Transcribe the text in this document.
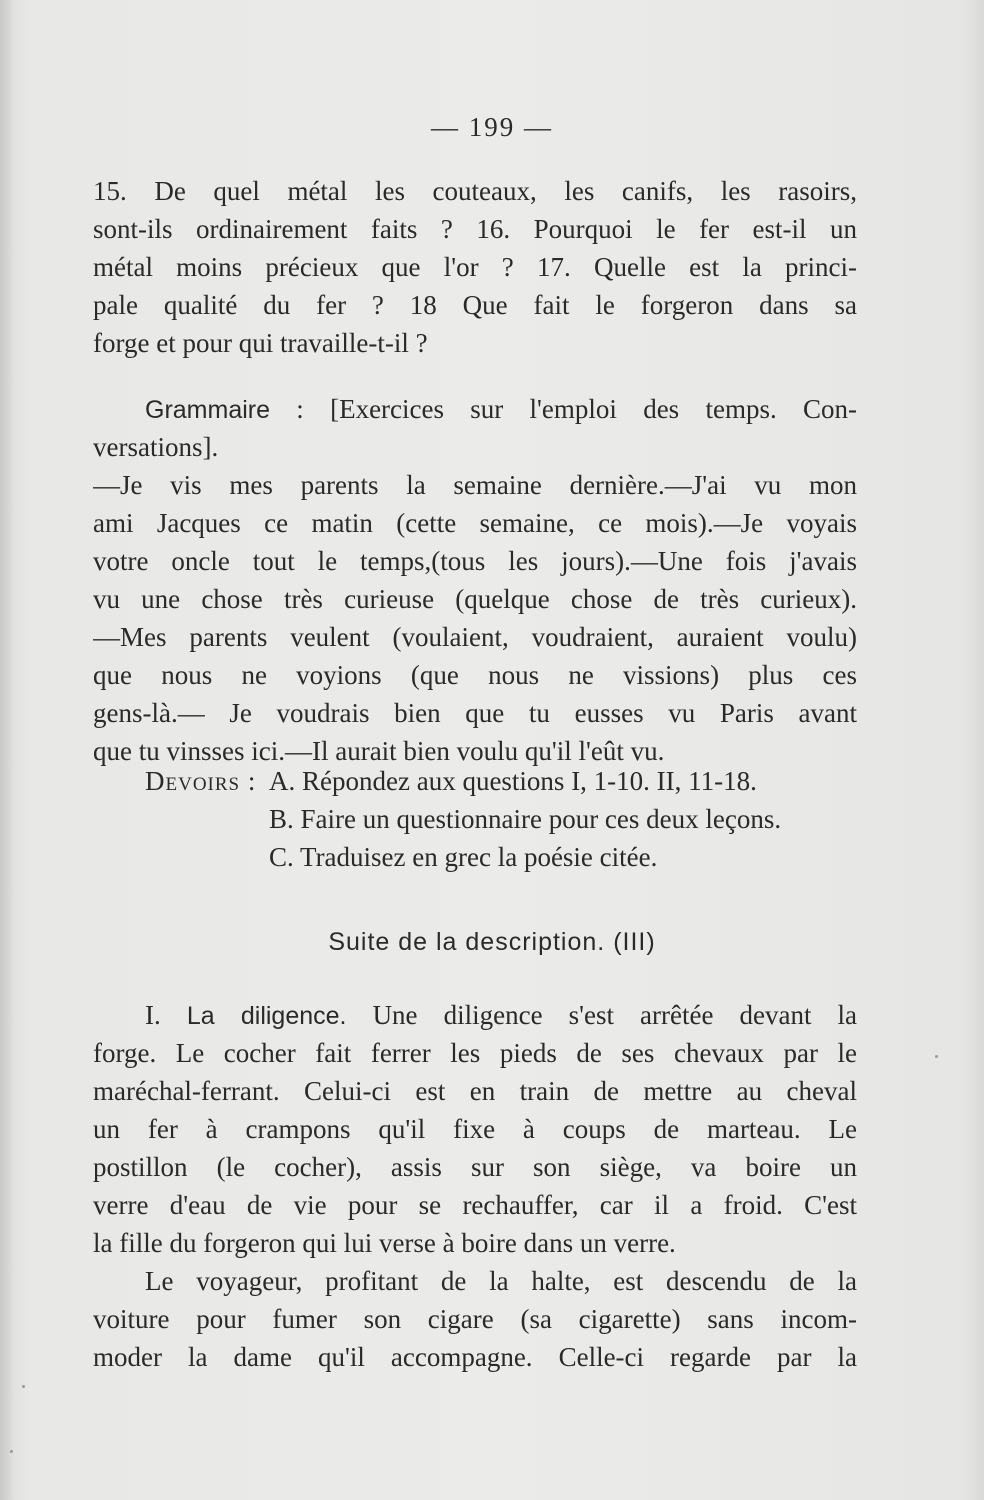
— 199 —
15. De quel métal les couteaux, les canifs, les rasoirs,
sont-ils ordinairement faits ? 16. Pourquoi le fer est-il un
métal moins précieux que l'or ? 17. Quelle est la princi-
pale qualité du fer ? 18 Que fait le forgeron dans sa
forge et pour qui travaille-t-il ?
Grammaire : [Exercices sur l'emploi des temps. Con-
versations].
—Je vis mes parents la semaine dernière.—J'ai vu mon
ami Jacques ce matin (cette semaine, ce mois).—Je voyais
votre oncle tout le temps,(tous les jours).—Une fois j'avais
vu une chose très curieuse (quelque chose de très curieux).
—Mes parents veulent (voulaient, voudraient, auraient voulu)
que nous ne voyions (que nous ne vissions) plus ces
gens-là.— Je voudrais bien que tu eusses vu Paris avant
que tu vinsses ici.—Il aurait bien voulu qu'il l'eût vu.
Devoirs : A. Répondez aux questions I, 1-10. II, 11-18.
B. Faire un questionnaire pour ces deux leçons.
C. Traduisez en grec la poésie citée.
Suite de la description. (III)
I. La diligence. Une diligence s'est arrêtée devant la
forge. Le cocher fait ferrer les pieds de ses chevaux par le
maréchal-ferrant. Celui-ci est en train de mettre au cheval
un fer à crampons qu'il fixe à coups de marteau. Le
postillon (le cocher), assis sur son siège, va boire un
verre d'eau de vie pour se rechauffer, car il a froid. C'est
la fille du forgeron qui lui verse à boire dans un verre.
Le voyageur, profitant de la halte, est descendu de la
voiture pour fumer son cigare (sa cigarette) sans incom-
moder la dame qu'il accompagne. Celle-ci regarde par la
